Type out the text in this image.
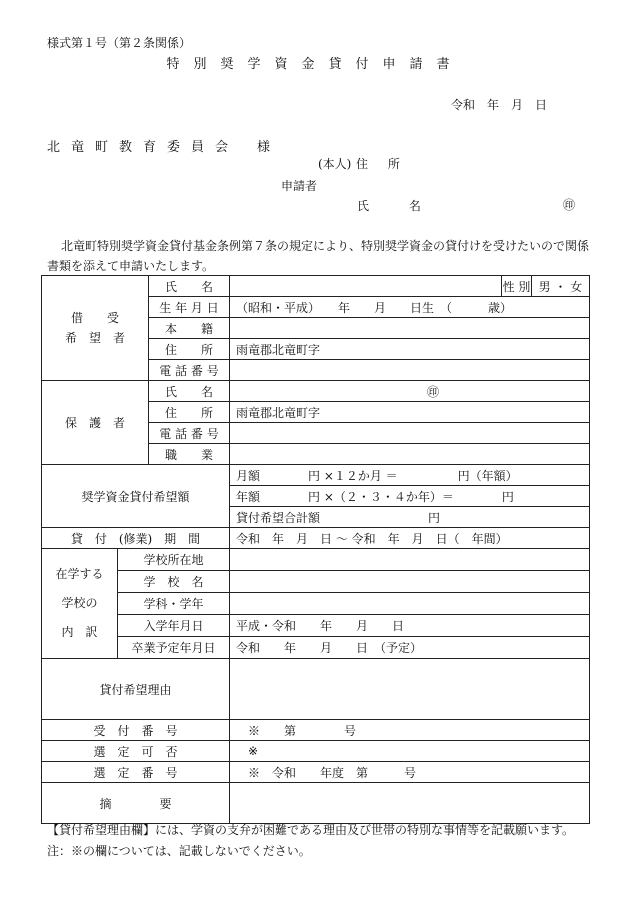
様式第１号（第２条関係）
特別奨学資金貸付申請書
令和　年　月　日
北竜町教育委員会 様
(本人) 住 所
申請者
氏 名	㊞
北竜町特別奨学資金貸付基金条例第７条の規定により、特別奨学資金の貸付けを受けたいので関係書類を添えて申請いたします。
借　　受
希　望　者		氏　　名		性 別	男 ・ 女
		生 年 月 日	（昭和・平成）　　年　　月　　日生　（　　　歳）		
		本　　籍			
		住　　所	雨竜郡北竜町字		
		電 話 番 号			
保　護　者		氏　　名	㊞		
		住　　所	雨竜郡北竜町字		
		電 話 番 号			
		職　　業			
奨学資金貸付希望額			月額　　　　円 ×１２か月 ＝　　　　　円（年額）		
			年額　　　　円 ×（２・３・４か年）＝　　　　円		
			貸付希望合計額　　　　　　　　　円		
貸　付　(修業)　期　間			令和　年　月　日 〜 令和　年　月　日（　年間）		

在学する
学校の
内　訳	学校所在地				
	学　校　名				
	学科・学年				
	入学年月日		平成・令和　　年　　月　　日		
	卒業予定年月日		令和　　年　　月　　日　（予定）		
貸付希望理由					
受　付　番　号			※　　第　　　　号		
選　定　可　否			※		
選　定　番　号			※　令和　　年度　第　　　号		
摘　　　　要					
【貸付希望理由欄】には、学資の支弁が困難である理由及び世帯の特別な事情等を記載願います。
注：※の欄については、記載しないでください。
